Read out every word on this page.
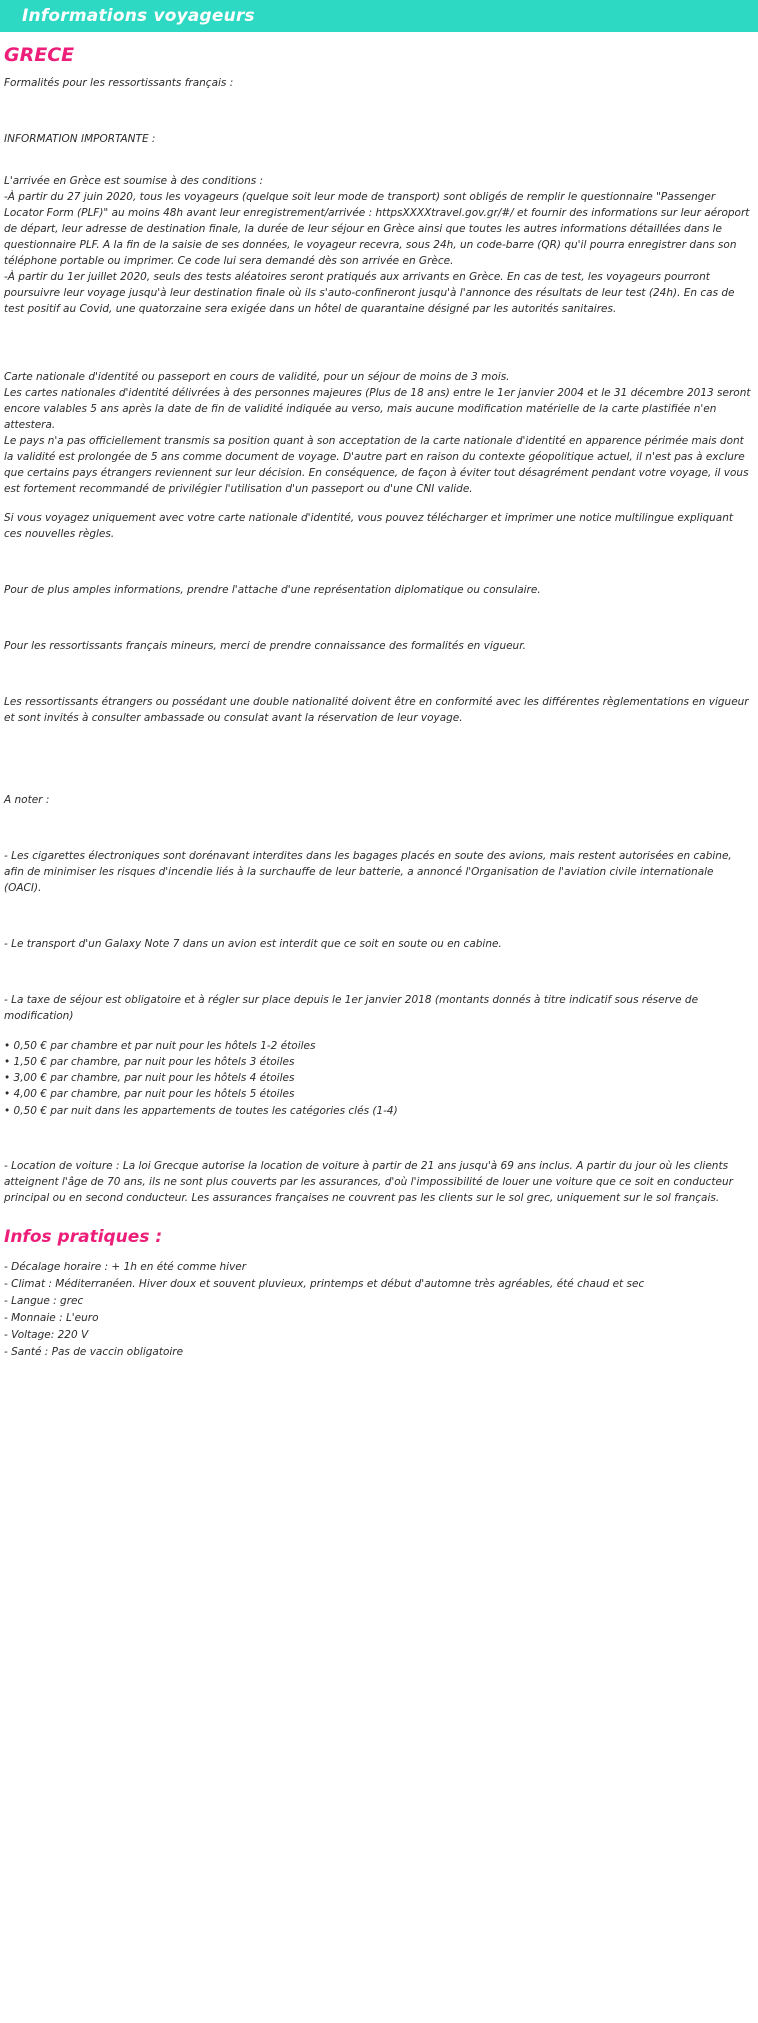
Informations voyageurs
GRECE

Formalités pour les ressortissants français :

INFORMATION IMPORTANTE :

L'arrivée en Grèce est soumise à des conditions :

-À partir du 27 juin 2020, tous les voyageurs (quelque soit leur mode de transport) sont obligés de remplir le questionnaire "Passenger Locator Form (PLF)" au moins 48h avant leur enregistrement/arrivée : httpsXXXXtravel.gov.gr/#/ et fournir des informations sur leur aéroport de départ, leur adresse de destination finale, la durée de leur séjour en Grèce ainsi que toutes les autres informations détaillées dans le questionnaire PLF. A la fin de la saisie de ses données, le voyageur recevra, sous 24h, un code-barre (QR) qu'il pourra enregistrer dans son téléphone portable ou imprimer. Ce code lui sera demandé dès son arrivée en Grèce.

-À partir du 1er juillet 2020, seuls des tests aléatoires seront pratiqués aux arrivants en Grèce. En cas de test, les voyageurs pourront poursuivre leur voyage jusqu'à leur destination finale où ils s'auto-confineront jusqu'à l'annonce des résultats de leur test (24h). En cas de test positif au Covid, une quatorzaine sera exigée dans un hôtel de quarantaine désigné par les autorités sanitaires.

Carte nationale d'identité ou passeport en cours de validité, pour un séjour de moins de 3 mois.

Les cartes nationales d'identité délivrées à des personnes majeures (Plus de 18 ans) entre le 1er janvier 2004 et le 31 décembre 2013 seront encore valables 5 ans après la date de fin de validité indiquée au verso, mais aucune modification matérielle de la carte plastifiée n'en attestera.

Le pays n'a pas officiellement transmis sa position quant à son acceptation de la carte nationale d'identité en apparence périmée mais dont la validité est prolongée de 5 ans comme document de voyage. D'autre part en raison du contexte géopolitique actuel, il n'est pas à exclure que certains pays étrangers reviennent sur leur décision. En conséquence, de façon à éviter tout désagrément pendant votre voyage, il vous est fortement recommandé de privilégier l'utilisation d'un passeport ou d'une CNI valide.

Si vous voyagez uniquement avec votre carte nationale d'identité, vous pouvez télécharger et imprimer une notice multilingue expliquant ces nouvelles règles.

Pour de plus amples informations, prendre l'attache d'une représentation diplomatique ou consulaire.

Pour les ressortissants français mineurs, merci de prendre connaissance des formalités en vigueur.

Les ressortissants étrangers ou possédant une double nationalité doivent être en conformité avec les différentes règlementations en vigueur et sont invités à consulter ambassade ou consulat avant la réservation de leur voyage.

A noter :

- Les cigarettes électroniques sont dorénavant interdites dans les bagages placés en soute des avions, mais restent autorisées en cabine, afin de minimiser les risques d'incendie liés à la surchauffe de leur batterie, a annoncé l'Organisation de l'aviation civile internationale (OACI).

- Le transport d'un Galaxy Note 7 dans un avion est interdit que ce soit en soute ou en cabine.

- La taxe de séjour est obligatoire et à régler sur place depuis le 1er janvier 2018 (montants donnés à titre indicatif sous réserve de modification)

• 0,50 € par chambre et par nuit pour les hôtels 1-2 étoiles
• 1,50 € par chambre, par nuit pour les hôtels 3 étoiles
• 3,00 € par chambre, par nuit pour les hôtels 4 étoiles
• 4,00 € par chambre, par nuit pour les hôtels 5 étoiles
• 0,50 € par nuit dans les appartements de toutes les catégories clés (1-4)

- Location de voiture : La loi Grecque autorise la location de voiture à partir de 21 ans jusqu'à 69 ans inclus. A partir du jour où les clients atteignent l'âge de 70 ans, ils ne sont plus couverts par les assurances, d'où l'impossibilité de louer une voiture que ce soit en conducteur principal ou en second conducteur. Les assurances françaises ne couvrent pas les clients sur le sol grec, uniquement sur le sol français.

Infos pratiques :
- Décalage horaire : + 1h en été comme hiver
- Climat : Méditerranéen. Hiver doux et souvent pluvieux, printemps et début d'automne très agréables, été chaud et sec
- Langue : grec
- Monnaie : L'euro
- Voltage: 220 V
- Santé : Pas de vaccin obligatoire
